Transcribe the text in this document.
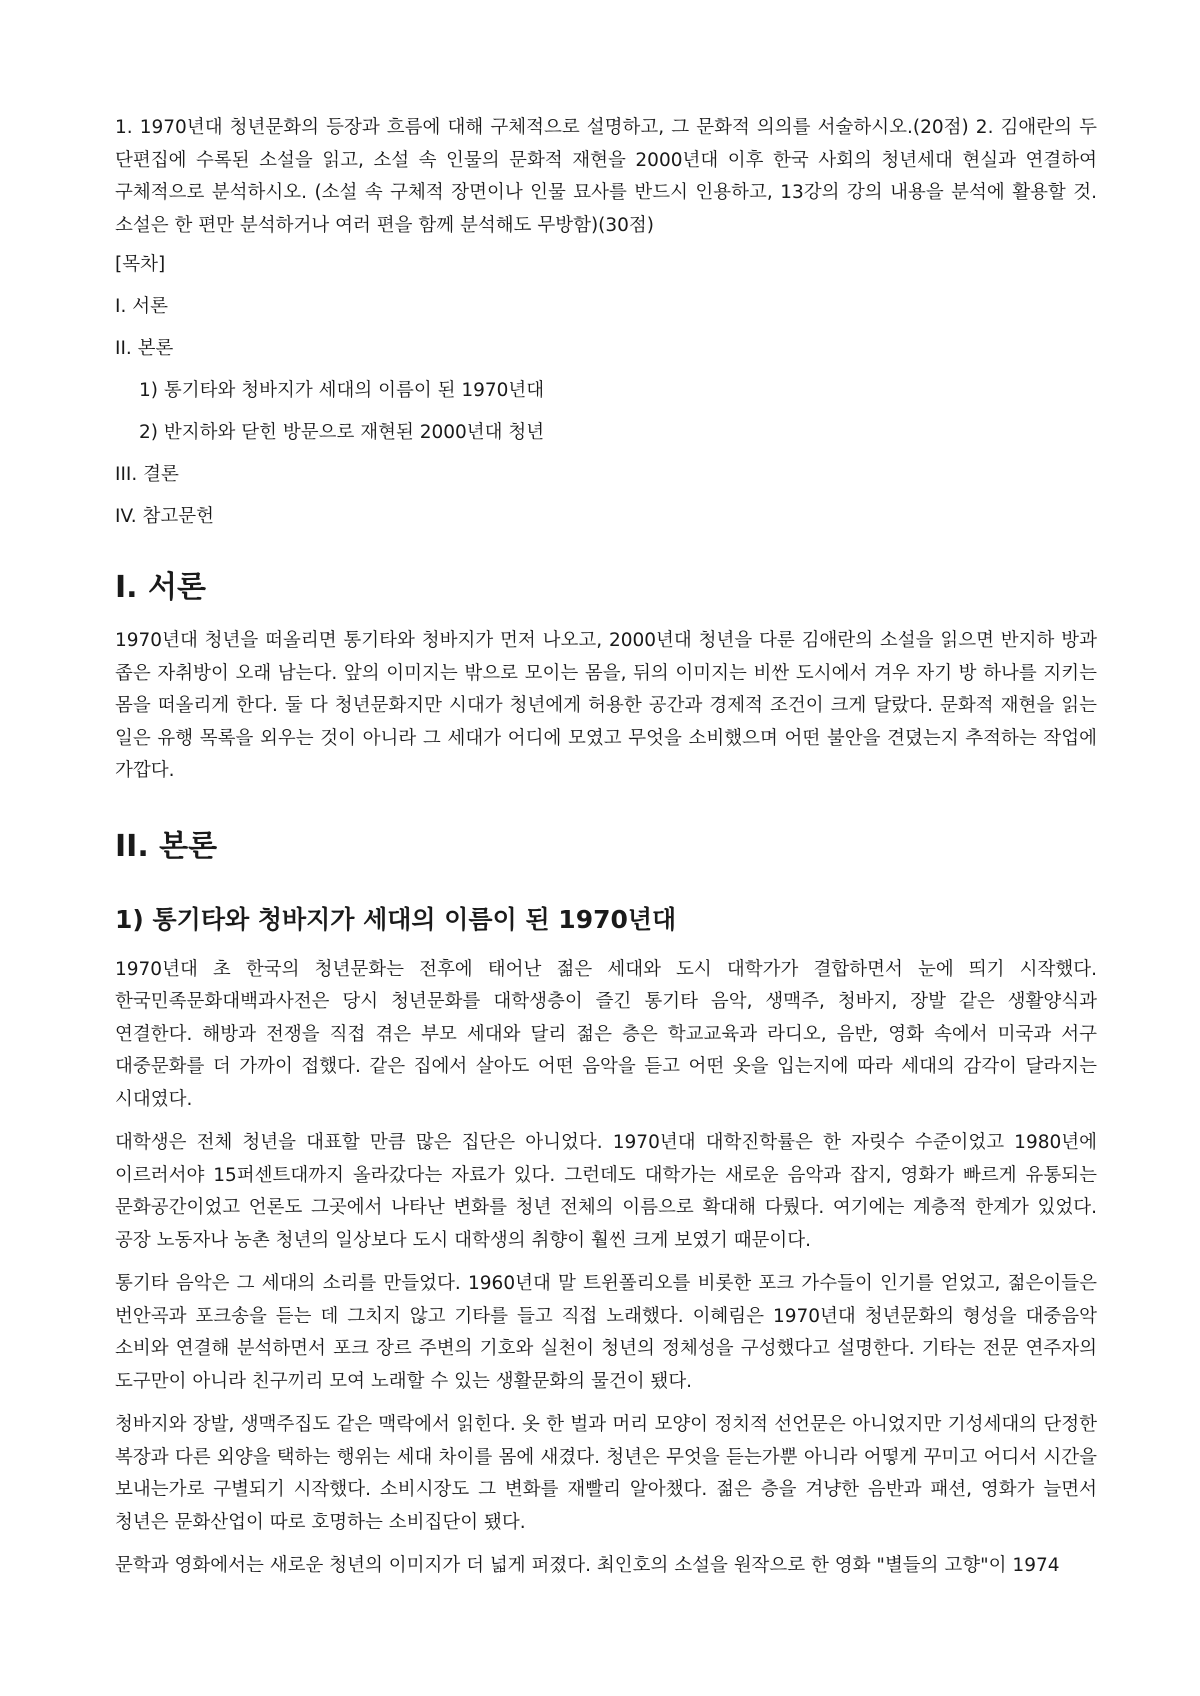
1. 1970년대 청년문화의 등장과 흐름에 대해 구체적으로 설명하고, 그 문화적 의의를 서술하시오.(20점) 2. 김애란의 두 단편집에 수록된 소설을 읽고, 소설 속 인물의 문화적 재현을 2000년대 이후 한국 사회의 청년세대 현실과 연결하여 구체적으로 분석하시오. (소설 속 구체적 장면이나 인물 묘사를 반드시 인용하고, 13강의 강의 내용을 분석에 활용할 것. 소설은 한 편만 분석하거나 여러 편을 함께 분석해도 무방함)(30점)

[목차]

I. 서론

II. 본론

1) 통기타와 청바지가 세대의 이름이 된 1970년대

2) 반지하와 닫힌 방문으로 재현된 2000년대 청년

III. 결론

IV. 참고문헌

I. 서론

1970년대 청년을 떠올리면 통기타와 청바지가 먼저 나오고, 2000년대 청년을 다룬 김애란의 소설을 읽으면 반지하 방과 좁은 자취방이 오래 남는다. 앞의 이미지는 밖으로 모이는 몸을, 뒤의 이미지는 비싼 도시에서 겨우 자기 방 하나를 지키는 몸을 떠올리게 한다. 둘 다 청년문화지만 시대가 청년에게 허용한 공간과 경제적 조건이 크게 달랐다. 문화적 재현을 읽는 일은 유행 목록을 외우는 것이 아니라 그 세대가 어디에 모였고 무엇을 소비했으며 어떤 불안을 견뎠는지 추적하는 작업에 가깝다.

II. 본론
1) 통기타와 청바지가 세대의 이름이 된 1970년대

1970년대 초 한국의 청년문화는 전후에 태어난 젊은 세대와 도시 대학가가 결합하면서 눈에 띄기 시작했다. 한국민족문화대백과사전은 당시 청년문화를 대학생층이 즐긴 통기타 음악, 생맥주, 청바지, 장발 같은 생활양식과 연결한다. 해방과 전쟁을 직접 겪은 부모 세대와 달리 젊은 층은 학교교육과 라디오, 음반, 영화 속에서 미국과 서구 대중문화를 더 가까이 접했다. 같은 집에서 살아도 어떤 음악을 듣고 어떤 옷을 입는지에 따라 세대의 감각이 달라지는 시대였다.

대학생은 전체 청년을 대표할 만큼 많은 집단은 아니었다. 1970년대 대학진학률은 한 자릿수 수준이었고 1980년에 이르러서야 15퍼센트대까지 올라갔다는 자료가 있다. 그런데도 대학가는 새로운 음악과 잡지, 영화가 빠르게 유통되는 문화공간이었고 언론도 그곳에서 나타난 변화를 청년 전체의 이름으로 확대해 다뤘다. 여기에는 계층적 한계가 있었다. 공장 노동자나 농촌 청년의 일상보다 도시 대학생의 취향이 훨씬 크게 보였기 때문이다.

통기타 음악은 그 세대의 소리를 만들었다. 1960년대 말 트윈폴리오를 비롯한 포크 가수들이 인기를 얻었고, 젊은이들은 번안곡과 포크송을 듣는 데 그치지 않고 기타를 들고 직접 노래했다. 이혜림은 1970년대 청년문화의 형성을 대중음악 소비와 연결해 분석하면서 포크 장르 주변의 기호와 실천이 청년의 정체성을 구성했다고 설명한다. 기타는 전문 연주자의 도구만이 아니라 친구끼리 모여 노래할 수 있는 생활문화의 물건이 됐다.

청바지와 장발, 생맥주집도 같은 맥락에서 읽힌다. 옷 한 벌과 머리 모양이 정치적 선언문은 아니었지만 기성세대의 단정한 복장과 다른 외양을 택하는 행위는 세대 차이를 몸에 새겼다. 청년은 무엇을 듣는가뿐 아니라 어떻게 꾸미고 어디서 시간을 보내는가로 구별되기 시작했다. 소비시장도 그 변화를 재빨리 알아챘다. 젊은 층을 겨냥한 음반과 패션, 영화가 늘면서 청년은 문화산업이 따로 호명하는 소비집단이 됐다.

문학과 영화에서는 새로운 청년의 이미지가 더 넓게 퍼졌다. 최인호의 소설을 원작으로 한 영화 "별들의 고향"이 1974
